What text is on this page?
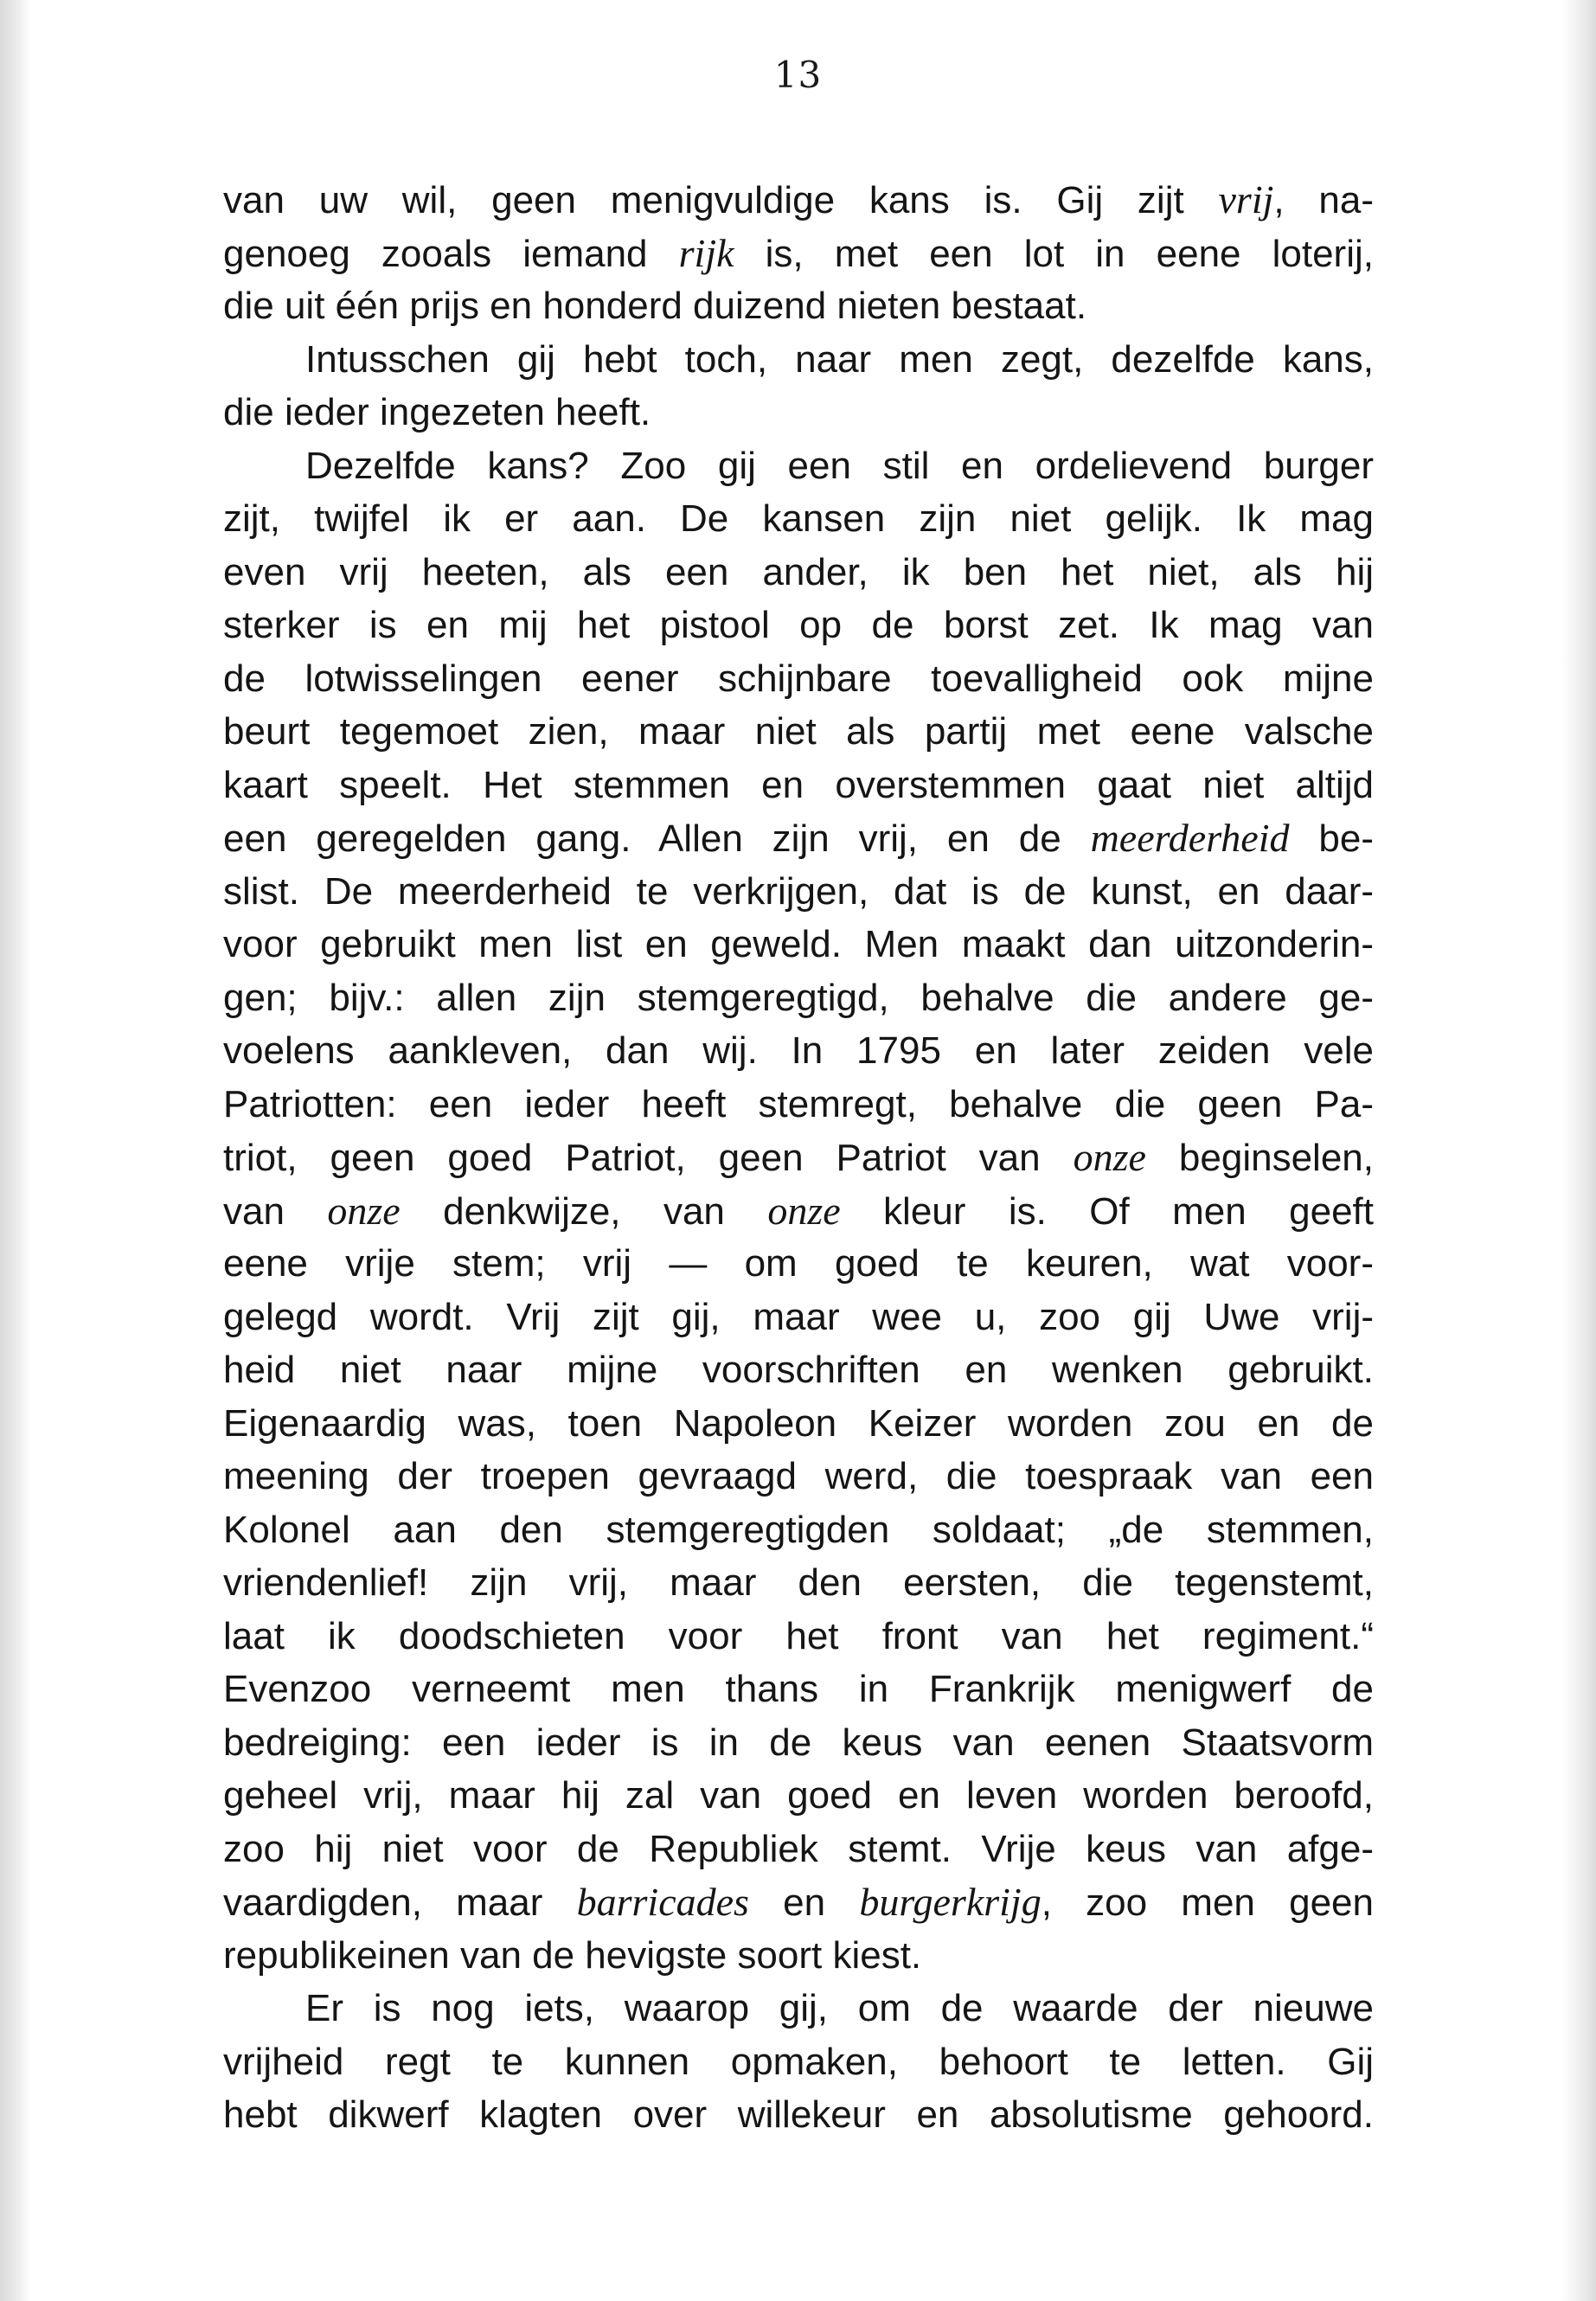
13
van uw wil, geen menigvuldige kans is. Gij zijt vrij, na-
genoeg zooals iemand rijk is, met een lot in eene loterij,
die uit één prijs en honderd duizend nieten bestaat.
Intusschen gij hebt toch, naar men zegt, dezelfde kans,
die ieder ingezeten heeft.
Dezelfde kans? Zoo gij een stil en ordelievend burger
zijt, twijfel ik er aan. De kansen zijn niet gelijk. Ik mag
even vrij heeten, als een ander, ik ben het niet, als hij
sterker is en mij het pistool op de borst zet. Ik mag van
de lotwisselingen eener schijnbare toevalligheid ook mijne
beurt tegemoet zien, maar niet als partij met eene valsche
kaart speelt. Het stemmen en overstemmen gaat niet altijd
een geregelden gang. Allen zijn vrij, en de meerderheid be-
slist. De meerderheid te verkrijgen, dat is de kunst, en daar-
voor gebruikt men list en geweld. Men maakt dan uitzonderin-
gen; bijv.: allen zijn stemgeregtigd, behalve die andere ge-
voelens aankleven, dan wij. In 1795 en later zeiden vele
Patriotten: een ieder heeft stemregt, behalve die geen Pa-
triot, geen goed Patriot, geen Patriot van onze beginselen,
van onze denkwijze, van onze kleur is. Of men geeft
eene vrije stem; vrij — om goed te keuren, wat voor-
gelegd wordt. Vrij zijt gij, maar wee u, zoo gij Uwe vrij-
heid niet naar mijne voorschriften en wenken gebruikt.
Eigenaardig was, toen Napoleon Keizer worden zou en de
meening der troepen gevraagd werd, die toespraak van een
Kolonel aan den stemgeregtigden soldaat; „de stemmen,
vriendenlief! zijn vrij, maar den eersten, die tegenstemt,
laat ik doodschieten voor het front van het regiment.“
Evenzoo verneemt men thans in Frankrijk menigwerf de
bedreiging: een ieder is in de keus van eenen Staatsvorm
geheel vrij, maar hij zal van goed en leven worden beroofd,
zoo hij niet voor de Republiek stemt. Vrije keus van afge-
vaardigden, maar barricades en burgerkrijg, zoo men geen
republikeinen van de hevigste soort kiest.
Er is nog iets, waarop gij, om de waarde der nieuwe
vrijheid regt te kunnen opmaken, behoort te letten. Gij
hebt dikwerf klagten over willekeur en absolutisme gehoord.
